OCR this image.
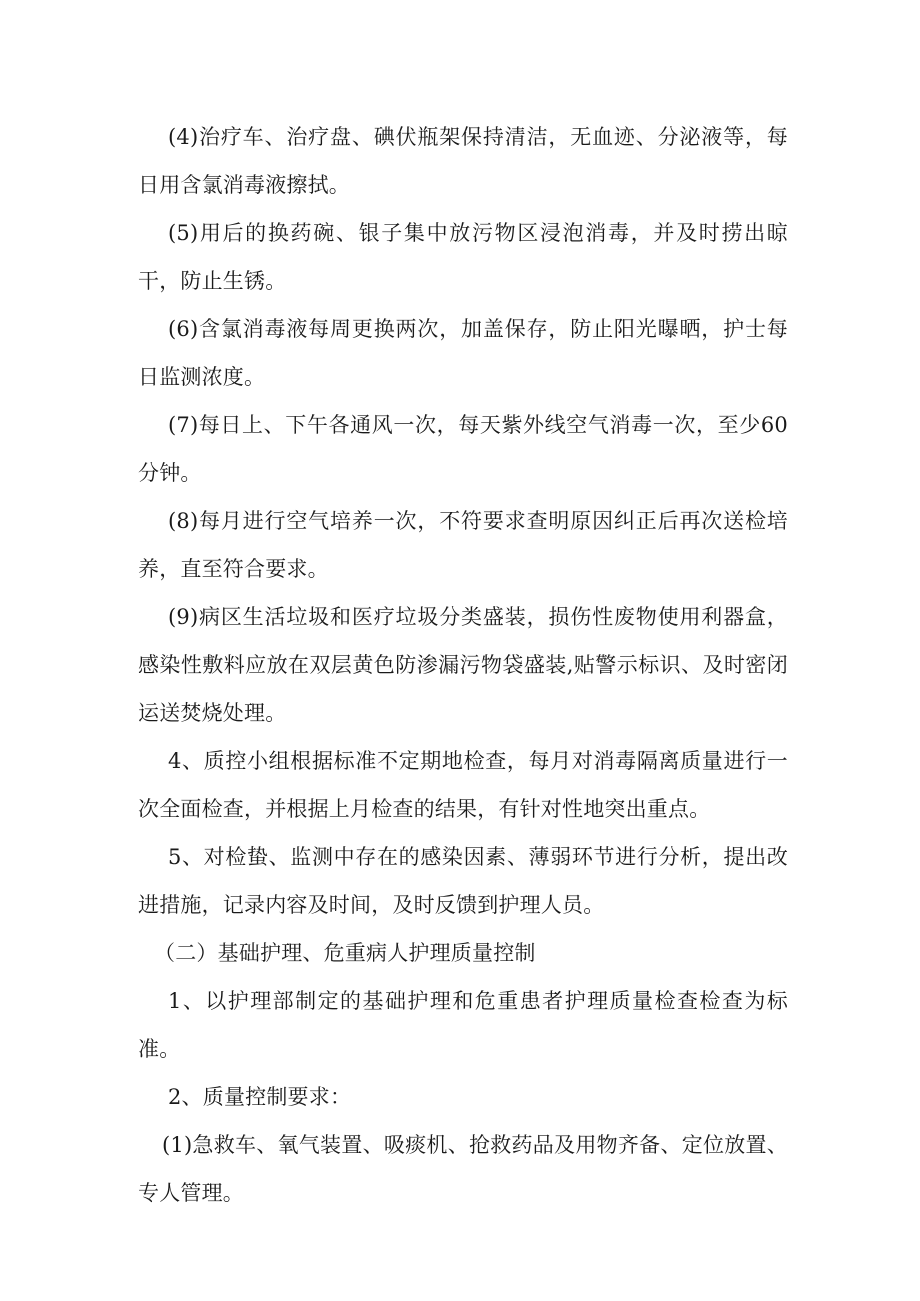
(4)治疗车、治疗盘、碘伏瓶架保持清洁，无血迹、分泌液等，每日用含氯消毒液擦拭。

(5)用后的换药碗、银子集中放污物区浸泡消毒，并及时捞出晾干，防止生锈。

(6)含氯消毒液每周更换两次，加盖保存，防止阳光曝晒，护士每日监测浓度。

(7)每日上、下午各通风一次，每天紫外线空气消毒一次，至少60分钟。

(8)每月进行空气培养一次，不符要求查明原因纠正后再次送检培养，直至符合要求。

(9)病区生活垃圾和医疗垃圾分类盛装，损伤性废物使用利器盒，感染性敷料应放在双层黄色防渗漏污物袋盛装,贴警示标识、及时密闭运送焚烧处理。

4、质控小组根据标准不定期地检查，每月对消毒隔离质量进行一次全面检查，并根据上月检查的结果，有针对性地突出重点。

5、对检蛰、监测中存在的感染因素、薄弱环节进行分析，提出改进措施，记录内容及时间，及时反馈到护理人员。

（二）基础护理、危重病人护理质量控制

1、以护理部制定的基础护理和危重患者护理质量检查检查为标准。

2、质量控制要求：

(1)急救车、氧气装置、吸痰机、抢救药品及用物齐备、定位放置、专人管理。
